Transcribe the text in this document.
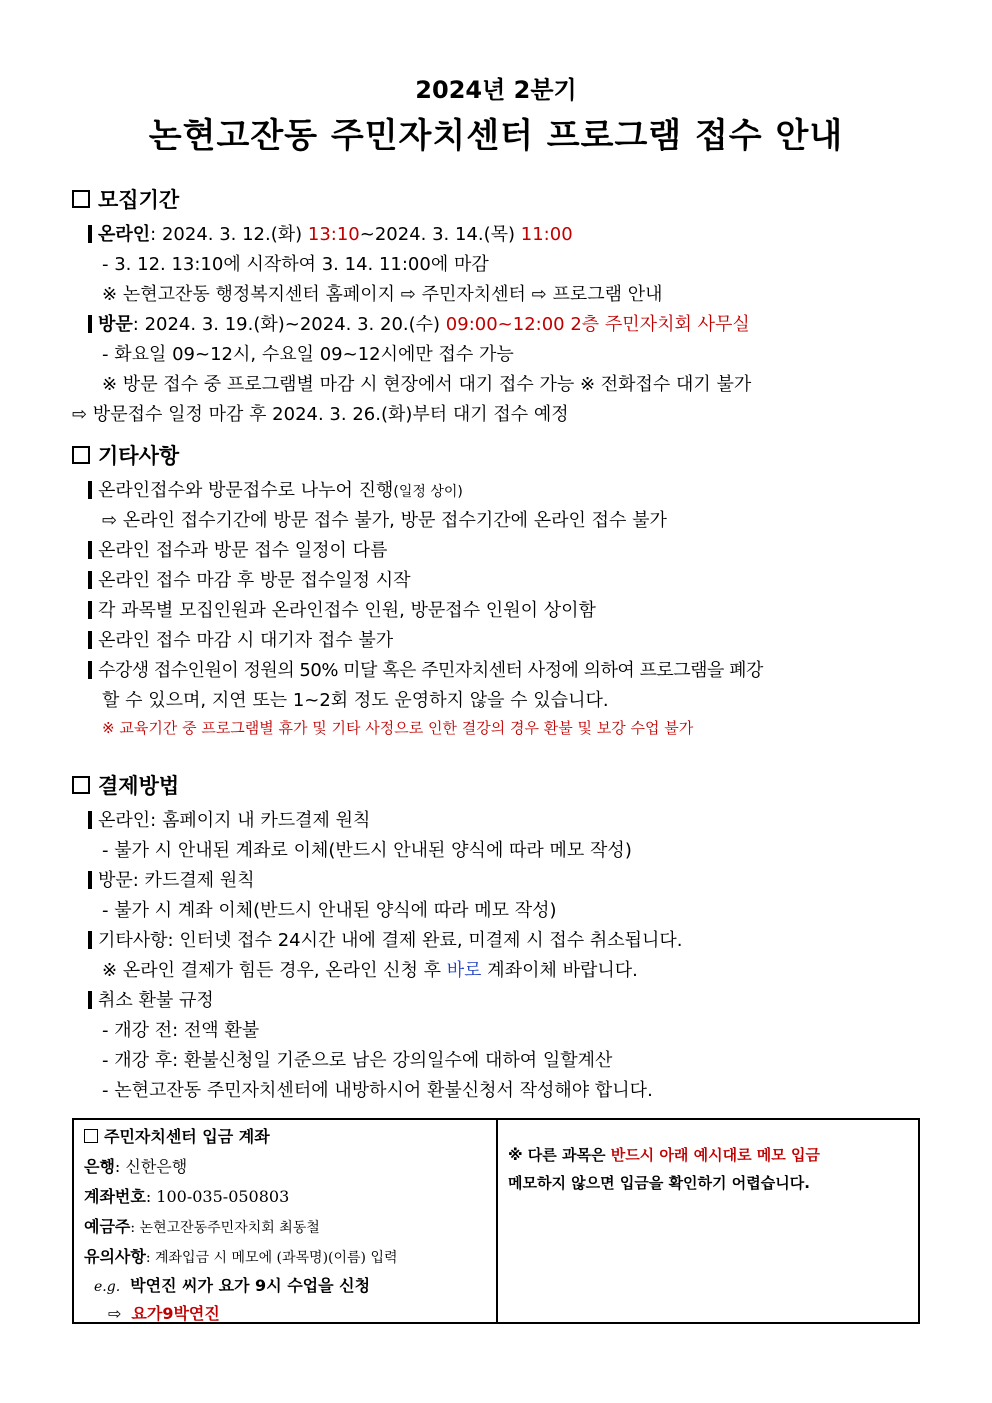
2024년 2분기
논현고잔동 주민자치센터 프로그램 접수 안내
모집기간
온라인: 2024. 3. 12.(화) 13:10~2024. 3. 14.(목) 11:00
- 3. 12. 13:10에 시작하여 3. 14. 11:00에 마감
※ 논현고잔동 행정복지센터 홈페이지 ⇨ 주민자치센터 ⇨ 프로그램 안내
방문: 2024. 3. 19.(화)~2024. 3. 20.(수) 09:00~12:00 2층 주민자치회 사무실
- 화요일 09~12시, 수요일 09~12시에만 접수 가능
※ 방문 접수 중 프로그램별 마감 시 현장에서 대기 접수 가능 ※ 전화접수 대기 불가
⇨ 방문접수 일정 마감 후 2024. 3. 26.(화)부터 대기 접수 예정
기타사항
온라인접수와 방문접수로 나누어 진행(일정 상이)
⇨ 온라인 접수기간에 방문 접수 불가, 방문 접수기간에 온라인 접수 불가
온라인 접수과 방문 접수 일정이 다름
온라인 접수 마감 후 방문 접수일정 시작
각 과목별 모집인원과 온라인접수 인원, 방문접수 인원이 상이함
온라인 접수 마감 시 대기자 접수 불가
수강생 접수인원이 정원의 50% 미달 혹은 주민자치센터 사정에 의하여 프로그램을 폐강
할 수 있으며, 지연 또는 1~2회 정도 운영하지 않을 수 있습니다.
※ 교육기간 중 프로그램별 휴가 및 기타 사정으로 인한 결강의 경우 환불 및 보강 수업 불가
결제방법
온라인: 홈페이지 내 카드결제 원칙
- 불가 시 안내된 계좌로 이체(반드시 안내된 양식에 따라 메모 작성)
방문: 카드결제 원칙
- 불가 시 계좌 이체(반드시 안내된 양식에 따라 메모 작성)
기타사항: 인터넷 접수 24시간 내에 결제 완료, 미결제 시 접수 취소됩니다.
※ 온라인 결제가 힘든 경우, 온라인 신청 후 바로 계좌이체 바랍니다.
취소 환불 규정
- 개강 전: 전액 환불
- 개강 후: 환불신청일 기준으로 남은 강의일수에 대하여 일할계산
- 논현고잔동 주민자치센터에 내방하시어 환불신청서 작성해야 합니다.
주민자치센터 입금 계좌
은행: 신한은행
계좌번호: 100-035-050803
예금주: 논현고잔동주민자치회 최동철
유의사항: 계좌입금 시 메모에 (과목명)(이름) 입력
e.g. 박연진 씨가 요가 9시 수업을 신청
⇨ 요가9박연진

※ 다른 과목은 반드시 아래 예시대로 메모 입금
메모하지 않으면 입금을 확인하기 어렵습니다.
